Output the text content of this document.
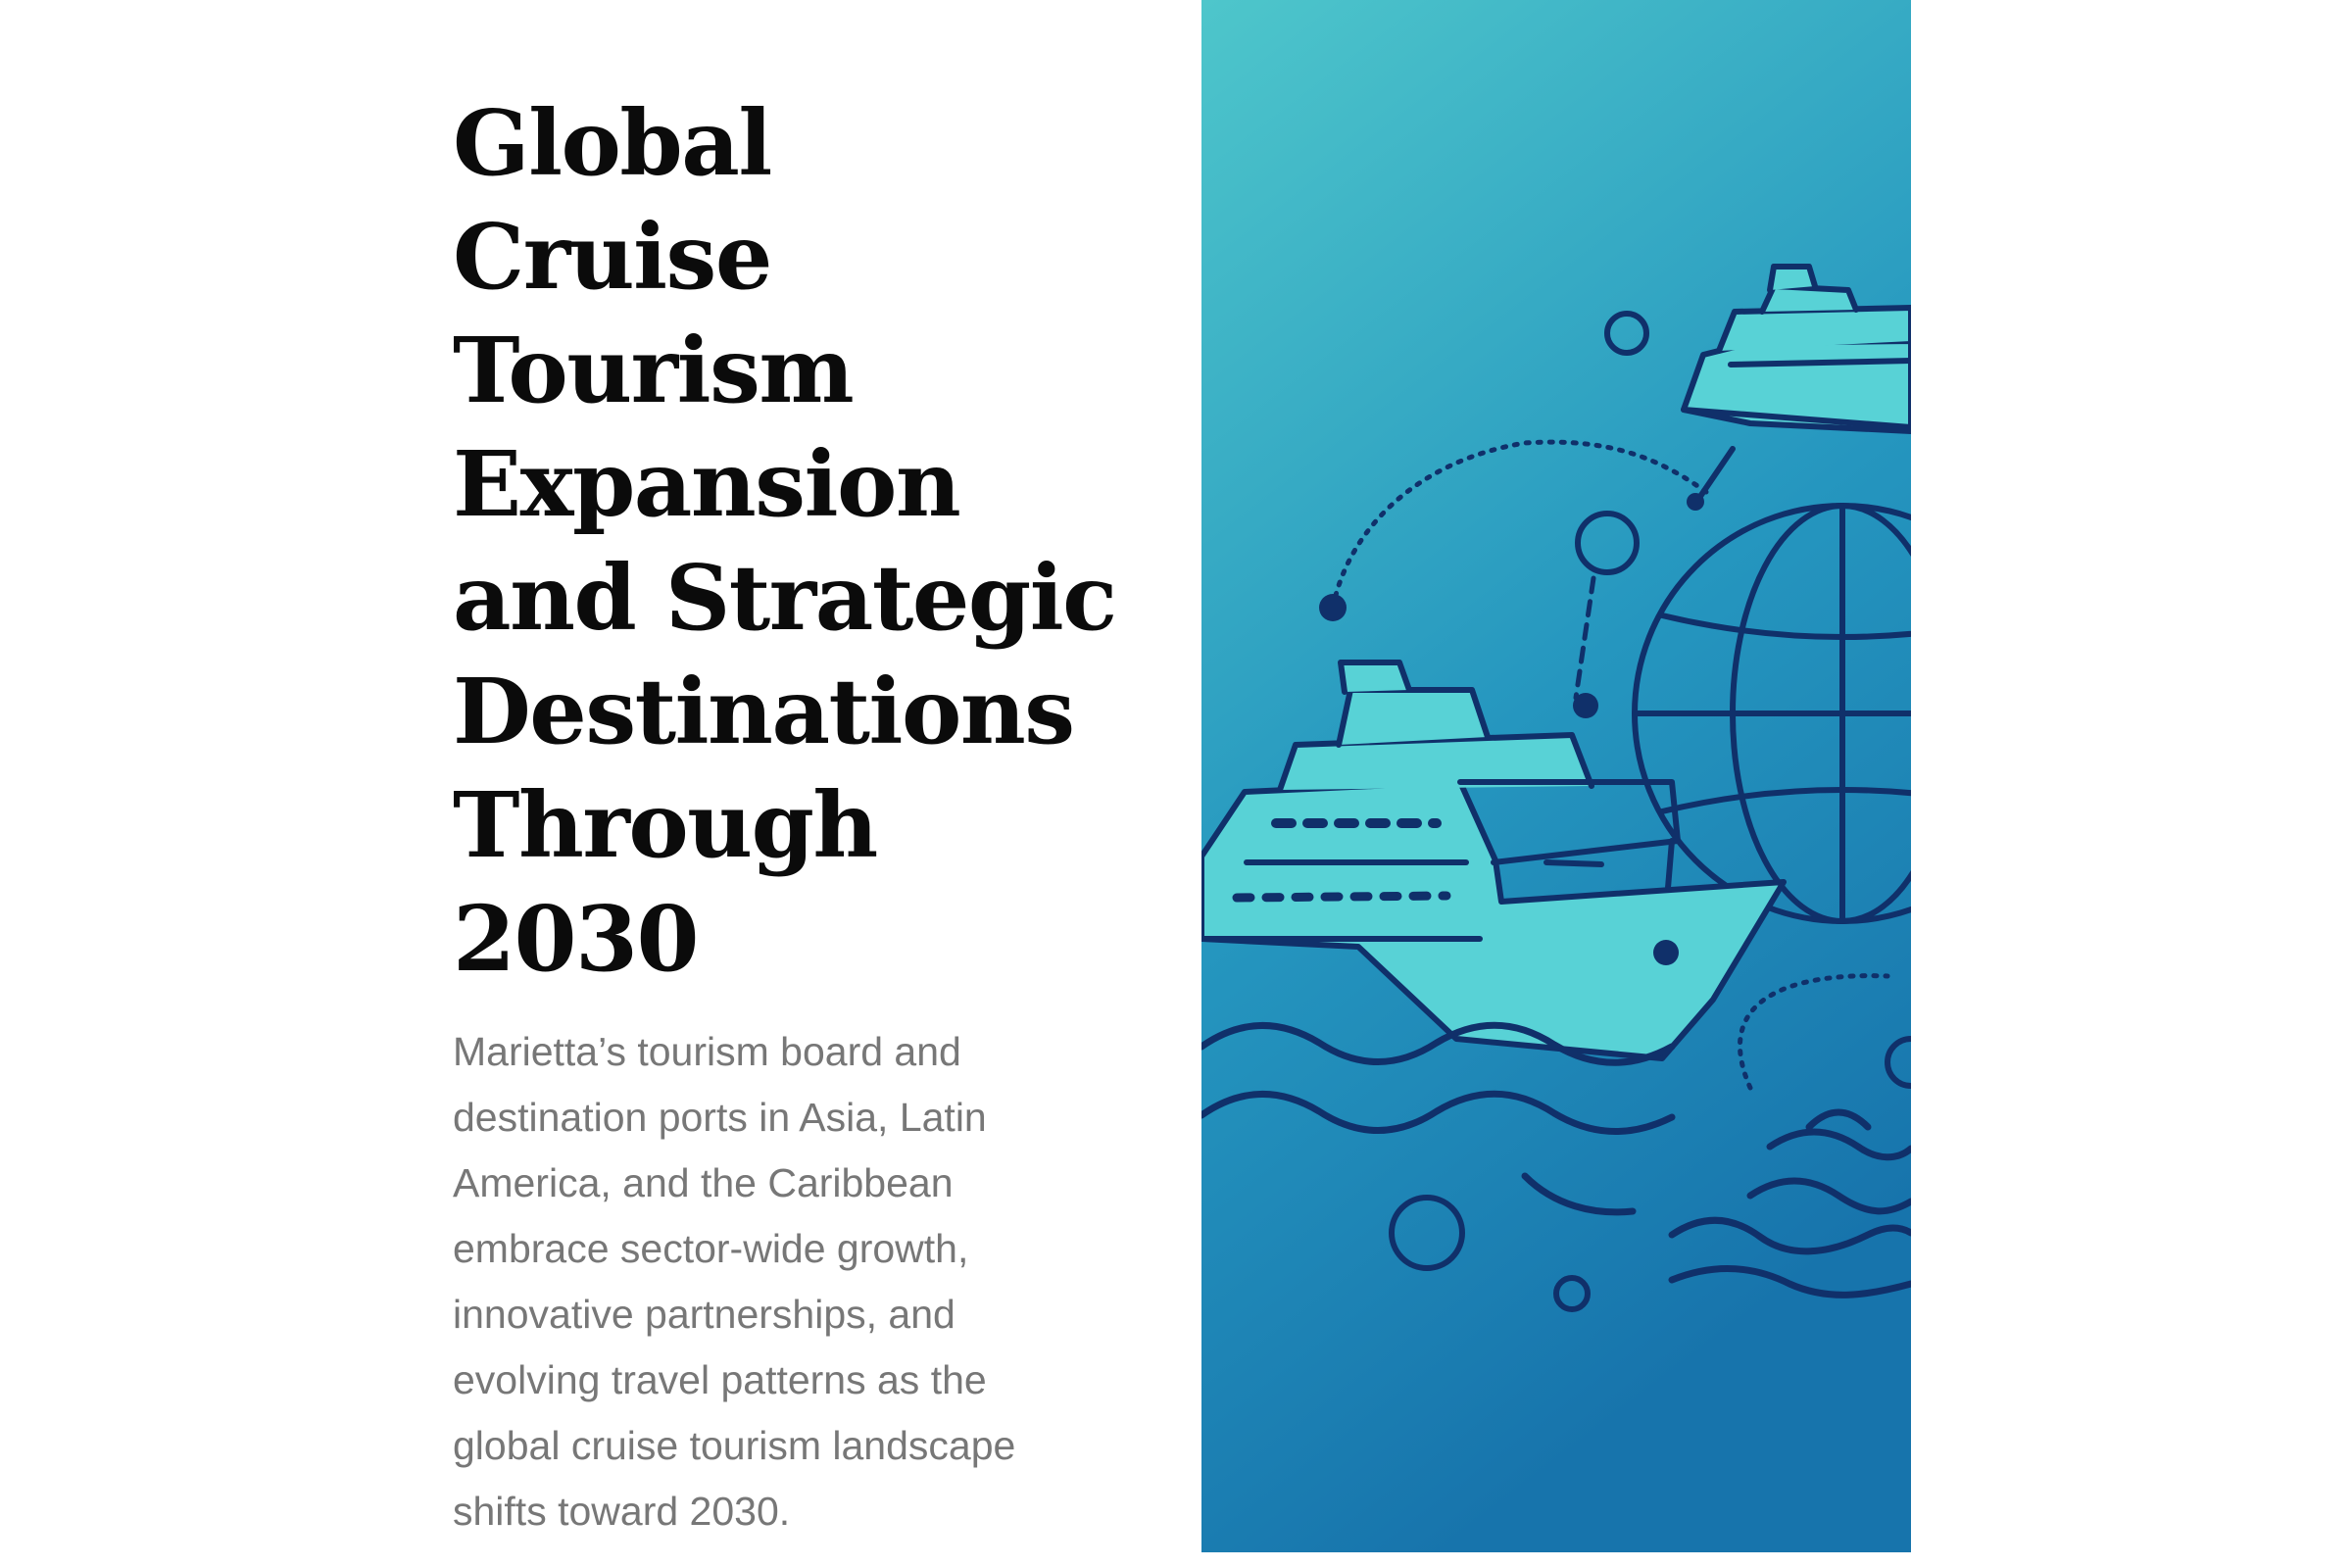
Global Cruise Tourism Expansion and Strategic Destinations Through 2030

Marietta’s tourism board and destination ports in Asia, Latin America, and the Caribbean embrace sector-wide growth, innovative partnerships, and evolving travel patterns as the global cruise tourism landscape shifts toward 2030.
